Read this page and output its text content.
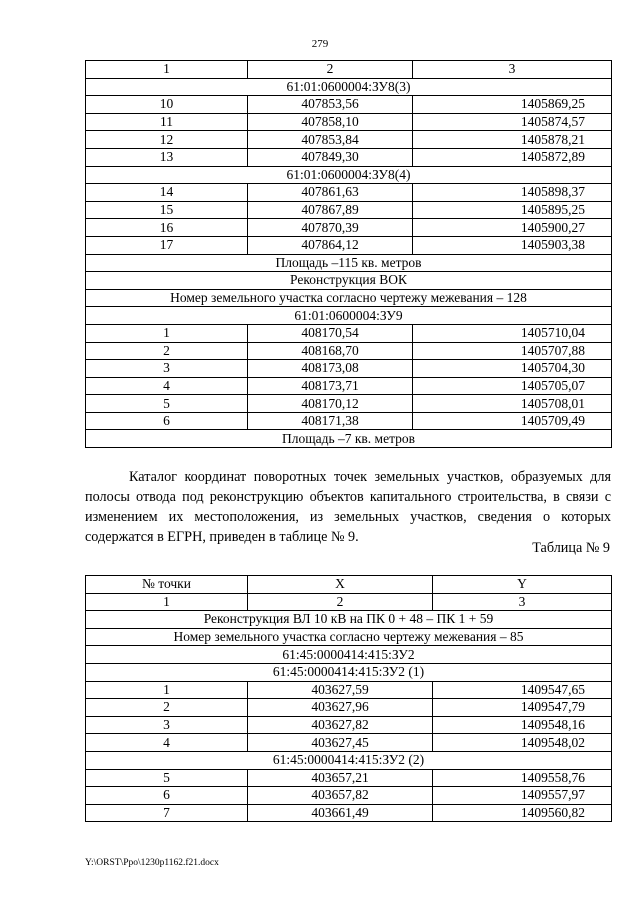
279
1	2	3
61:01:0600004:ЗУ8(3)		
10	407853,56	1405869,25
11	407858,10	1405874,57
12	407853,84	1405878,21
13	407849,30	1405872,89
61:01:0600004:ЗУ8(4)		
14	407861,63	1405898,37
15	407867,89	1405895,25
16	407870,39	1405900,27
17	407864,12	1405903,38
Площадь –115 кв. метров		
Реконструкция ВОК		
Номер земельного участка согласно чертежу межевания – 128		
61:01:0600004:ЗУ9		
1	408170,54	1405710,04
2	408168,70	1405707,88
3	408173,08	1405704,30
4	408173,71	1405705,07
5	408170,12	1405708,01
6	408171,38	1405709,49
Площадь –7 кв. метров		

Каталог координат поворотных точек земельных участков, образуемых для полосы отвода под реконструкцию объектов капитального строительства, в связи с изменением их местоположения, из земельных участков, сведения о которых содержатся в ЕГРН, приведен в таблице № 9.

Таблица № 9
№ точки	X	Y
1	2	3
Реконструкция ВЛ 10 кВ на ПК 0 + 48 – ПК 1 + 59		
Номер земельного участка согласно чертежу межевания – 85		
61:45:0000414:415:ЗУ2		
61:45:0000414:415:ЗУ2 (1)		
1	403627,59	1409547,65
2	403627,96	1409547,79
3	403627,82	1409548,16
4	403627,45	1409548,02
61:45:0000414:415:ЗУ2 (2)		
5	403657,21	1409558,76
6	403657,82	1409557,97
7	403661,49	1409560,82
Y:\ORST\Ppo\1230p1162.f21.docx
